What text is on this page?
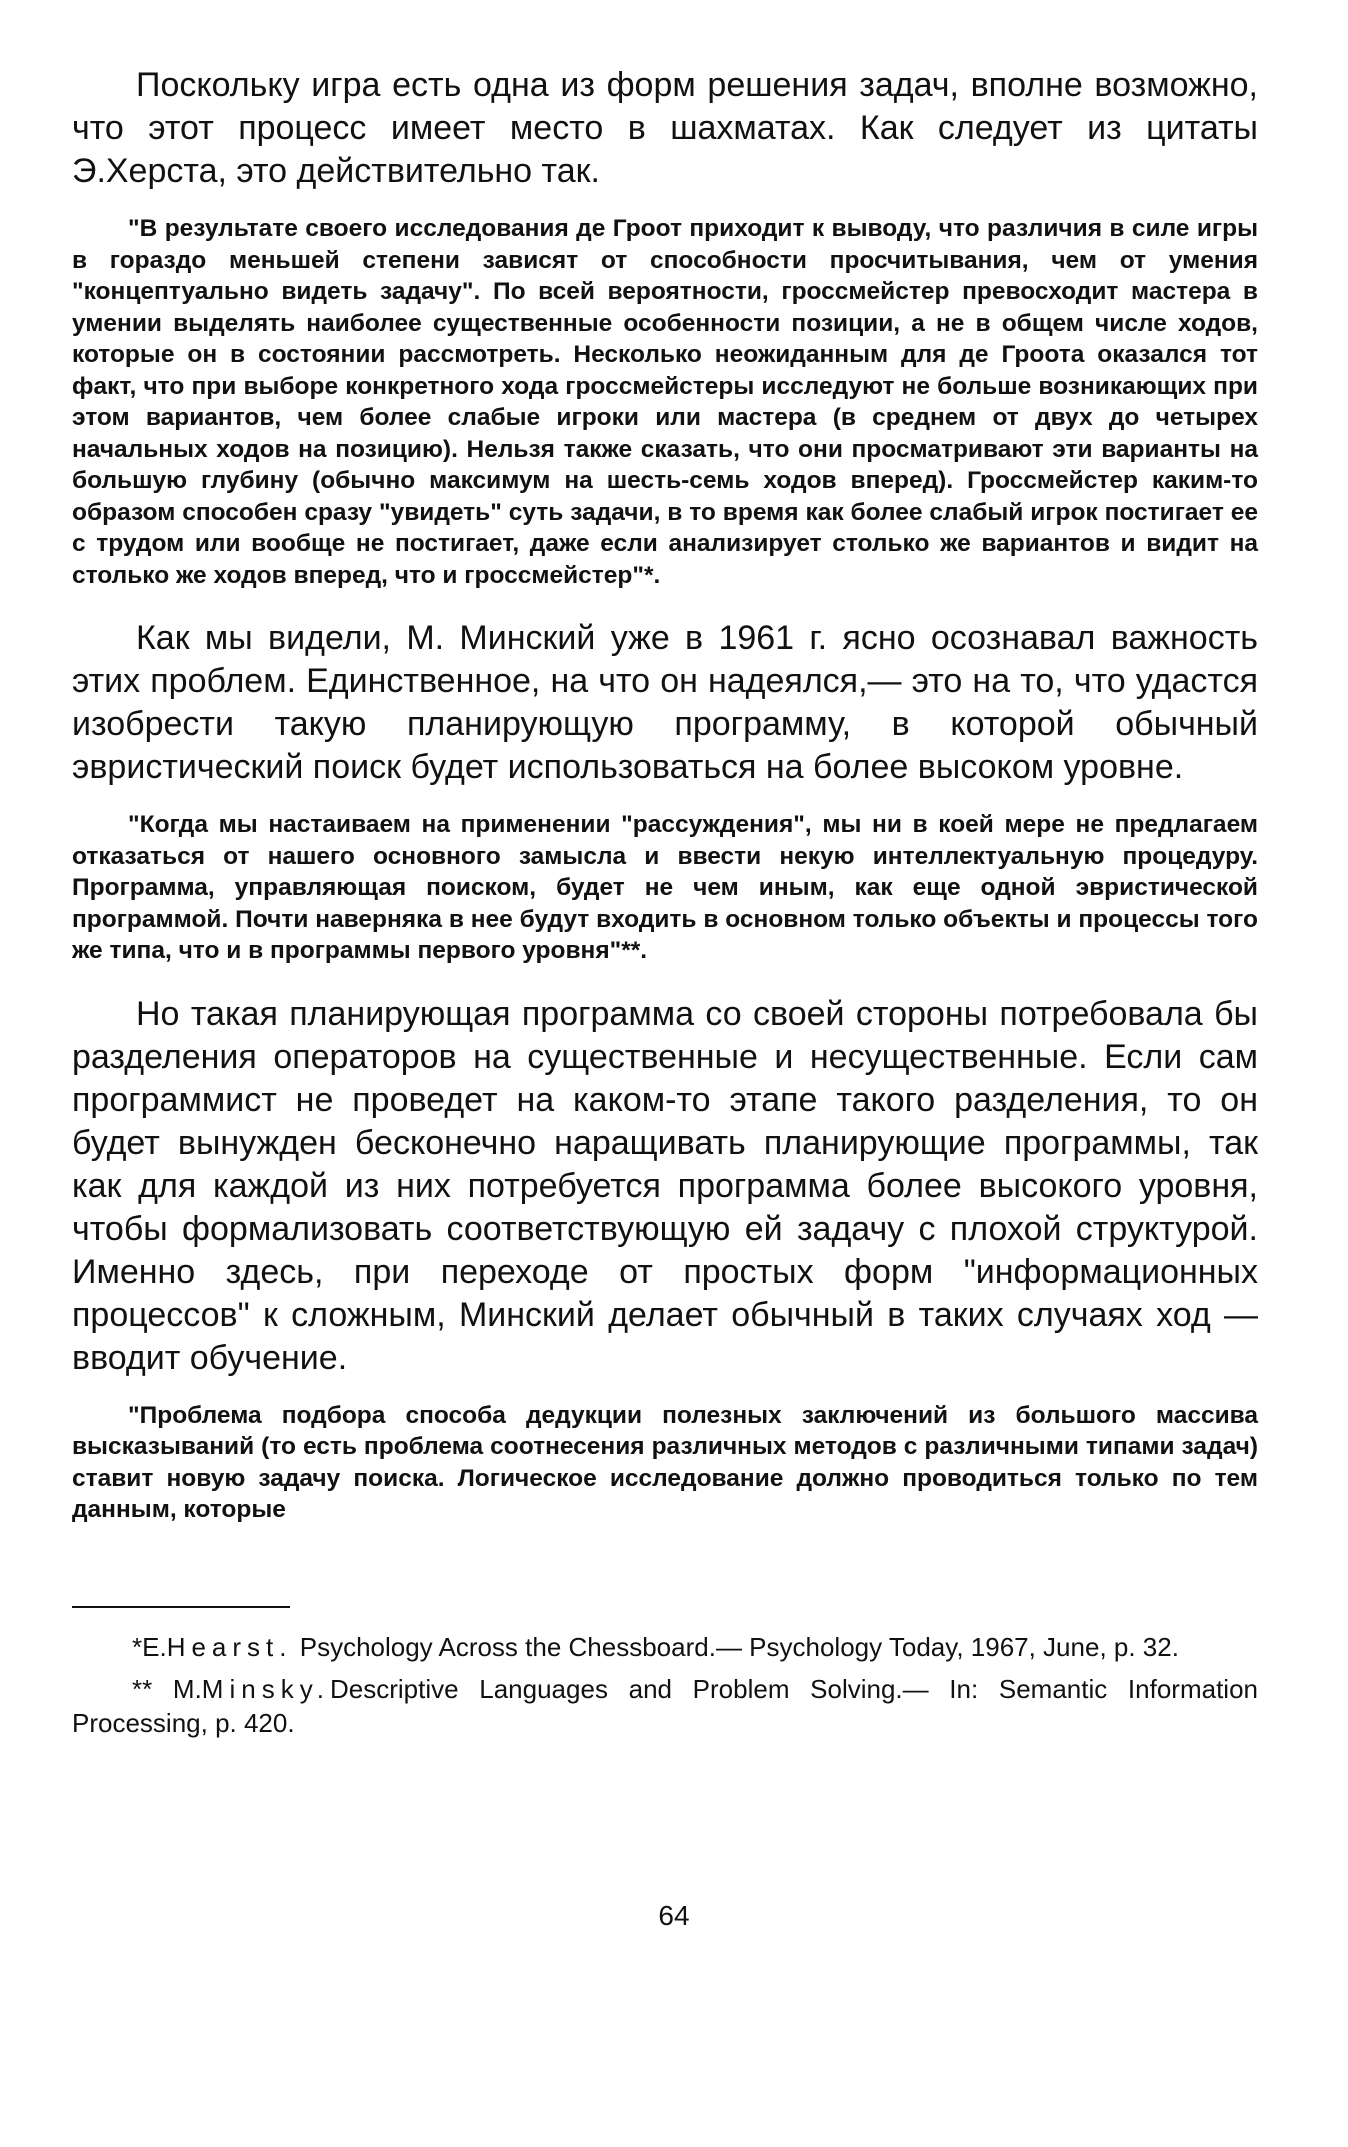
Поскольку игра есть одна из форм решения задач, вполне возможно, что этот процесс имеет место в шахматах. Как следует из цитаты Э.Херста, это действительно так.

"В результате своего исследования де Гроот приходит к выводу, что различия в силе игры в гораздо меньшей степени зависят от способности просчитывания, чем от умения "концептуально видеть задачу". По всей вероятности, гроссмейстер превосходит мастера в умении выделять наиболее существенные особенности позиции, а не в общем числе ходов, которые он в состоянии рассмотреть. Несколько неожиданным для де Гроота оказался тот факт, что при выборе конкретного хода гроссмейстеры исследуют не больше возникающих при этом вариантов, чем более слабые игроки или мастера (в среднем от двух до четырех начальных ходов на позицию). Нельзя также сказать, что они просматривают эти варианты на большую глубину (обычно максимум на шесть-семь ходов вперед). Гроссмейстер каким-то образом способен сразу "увидеть" суть задачи, в то время как более слабый игрок постигает ее с трудом или вообще не постигает, даже если анализирует столько же вариантов и видит на столько же ходов вперед, что и гроссмейстер"*.

Как мы видели, М. Минский уже в 1961 г. ясно осознавал важность этих проблем. Единственное, на что он надеялся,— это на то, что удастся изобрести такую планирующую программу, в которой обычный эвристический поиск будет использоваться на более высоком уровне.

"Когда мы настаиваем на применении "рассуждения", мы ни в коей мере не предлагаем отказаться от нашего основного замысла и ввести некую интеллектуальную процедуру. Программа, управляющая поиском, будет не чем иным, как еще одной эвристической программой. Почти наверняка в нее будут входить в основном только объекты и процессы того же типа, что и в программы первого уровня"**.

Но такая планирующая программа со своей стороны потребовала бы разделения операторов на существенные и несущественные. Если сам программист не проведет на каком-то этапе такого разделения, то он будет вынужден бесконечно наращивать планирующие программы, так как для каждой из них потребуется программа более высокого уровня, чтобы формализовать соответствующую ей задачу с плохой структурой. Именно здесь, при переходе от простых форм "информационных процессов" к сложным, Минский делает обычный в таких случаях ход — вводит обучение.

"Проблема подбора способа дедукции полезных заключений из большого массива высказываний (то есть проблема соотнесения различных методов с различными типами задач) ставит новую задачу поиска. Логическое исследование должно проводиться только по тем данным, которые

*E.Hearst. Psychology Across the Chessboard.— Psychology Today, 1967, June, p. 32.

** M.Minsky.Descriptive Languages and Problem Solving.— In: Semantic Information Processing, p. 420.

64
